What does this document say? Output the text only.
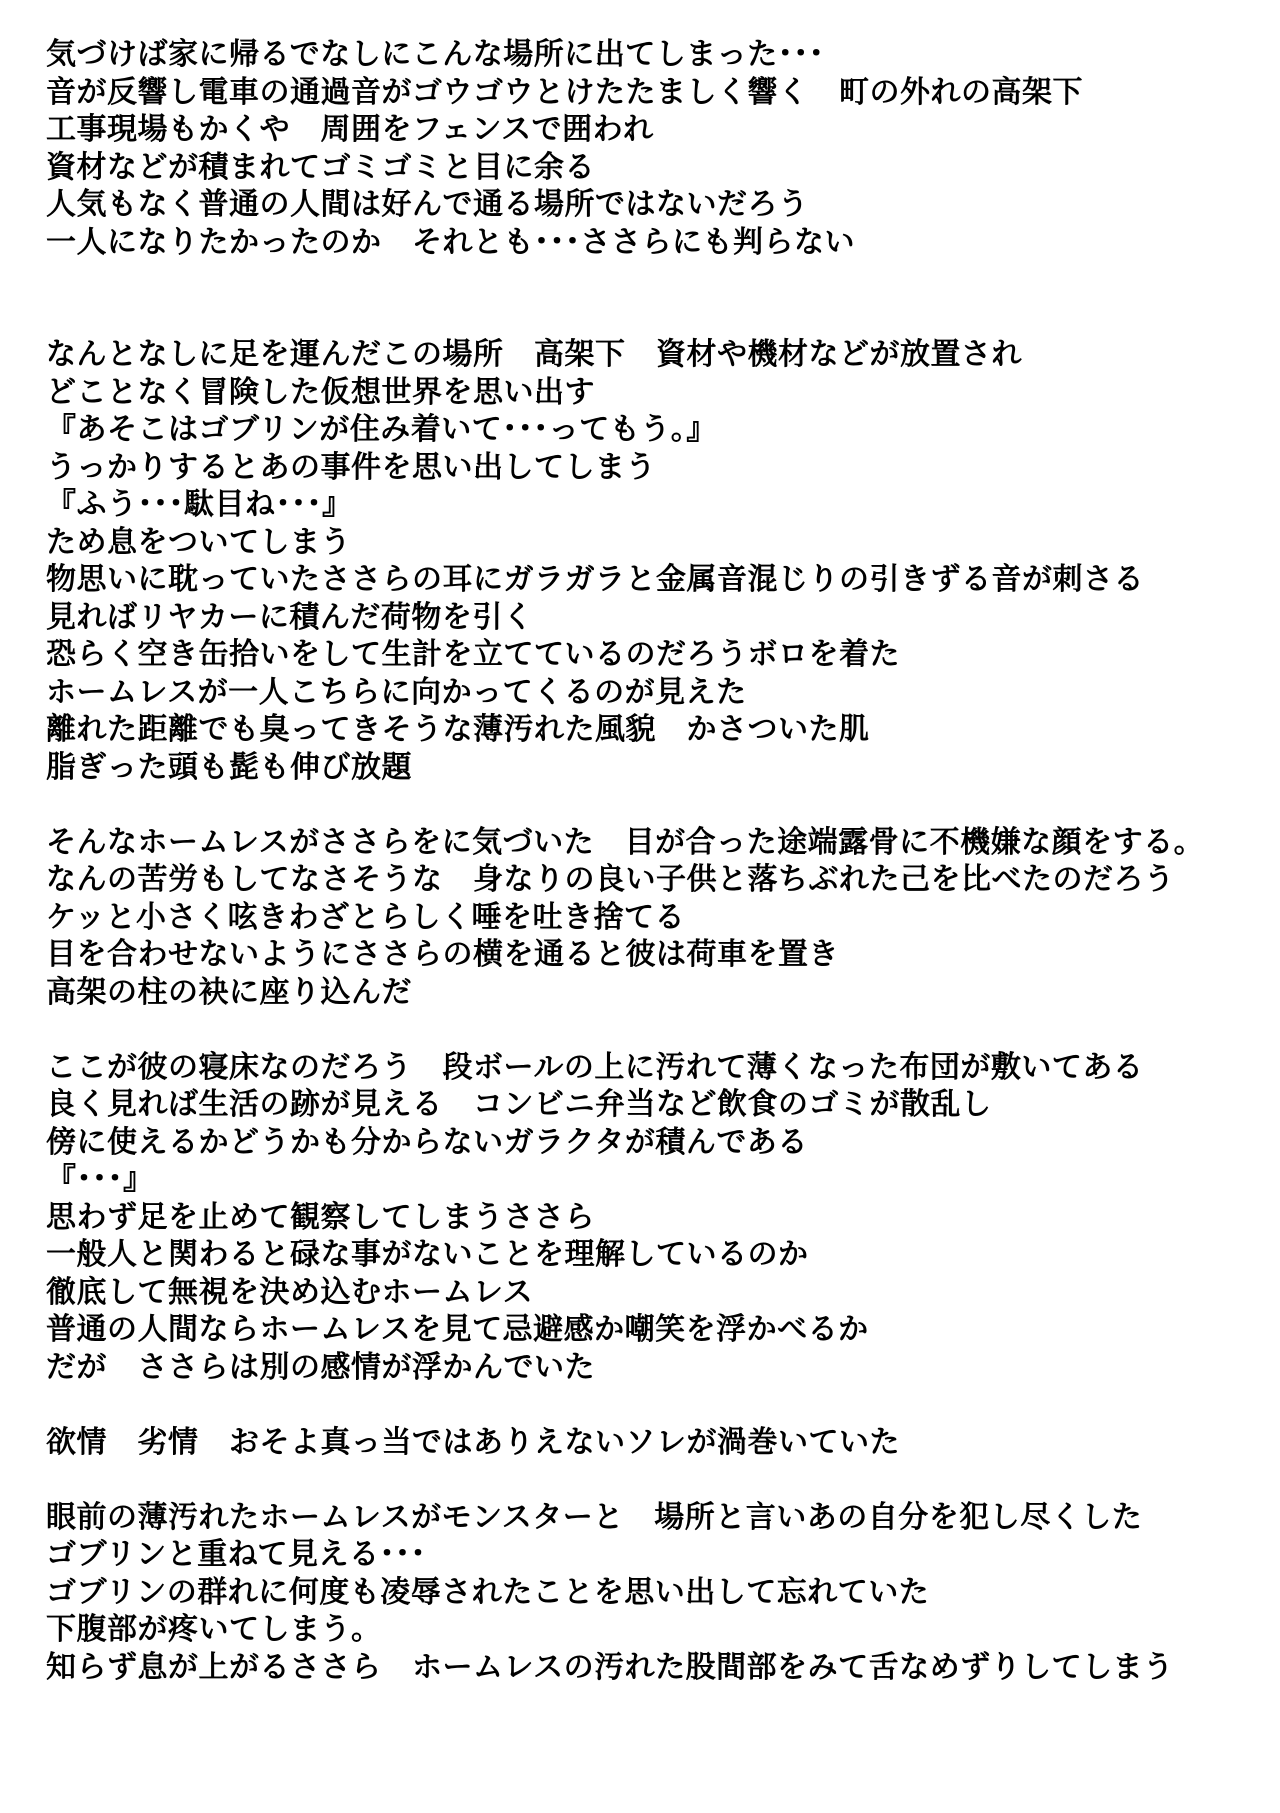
気づけば家に帰るでなしにこんな場所に出てしまった･･･
音が反響し電車の通過音がゴウゴウとけたたましく響く　町の外れの高架下
工事現場もかくや　周囲をフェンスで囲われ
資材などが積まれてゴミゴミと目に余る
人気もなく普通の人間は好んで通る場所ではないだろう
一人になりたかったのか　それとも･･･ささらにも判らない
なんとなしに足を運んだこの場所　高架下　資材や機材などが放置され
どことなく冒険した仮想世界を思い出す
『あそこはゴブリンが住み着いて･･･ってもう。』
うっかりするとあの事件を思い出してしまう
『ふう･･･駄目ね･･･』
ため息をついてしまう
物思いに耽っていたささらの耳にガラガラと金属音混じりの引きずる音が刺さる
見ればリヤカーに積んだ荷物を引く
恐らく空き缶拾いをして生計を立てているのだろうボロを着た
ホームレスが一人こちらに向かってくるのが見えた
離れた距離でも臭ってきそうな薄汚れた風貌　かさついた肌
脂ぎった頭も髭も伸び放題
そんなホームレスがささらをに気づいた　目が合った途端露骨に不機嫌な顔をする。
なんの苦労もしてなさそうな　身なりの良い子供と落ちぶれた己を比べたのだろう
ケッと小さく呟きわざとらしく唾を吐き捨てる
目を合わせないようにささらの横を通ると彼は荷車を置き
高架の柱の袂に座り込んだ
ここが彼の寝床なのだろう　段ボールの上に汚れて薄くなった布団が敷いてある
良く見れば生活の跡が見える　コンビニ弁当など飲食のゴミが散乱し
傍に使えるかどうかも分からないガラクタが積んである
『･･･』
思わず足を止めて観察してしまうささら
一般人と関わると碌な事がないことを理解しているのか
徹底して無視を決め込むホームレス
普通の人間ならホームレスを見て忌避感か嘲笑を浮かべるか
だが　ささらは別の感情が浮かんでいた
欲情　劣情　おそよ真っ当ではありえないソレが渦巻いていた
眼前の薄汚れたホームレスがモンスターと　場所と言いあの自分を犯し尽くした
ゴブリンと重ねて見える･･･
ゴブリンの群れに何度も凌辱されたことを思い出して忘れていた
下腹部が疼いてしまう。
知らず息が上がるささら　ホームレスの汚れた股間部をみて舌なめずりしてしまう
